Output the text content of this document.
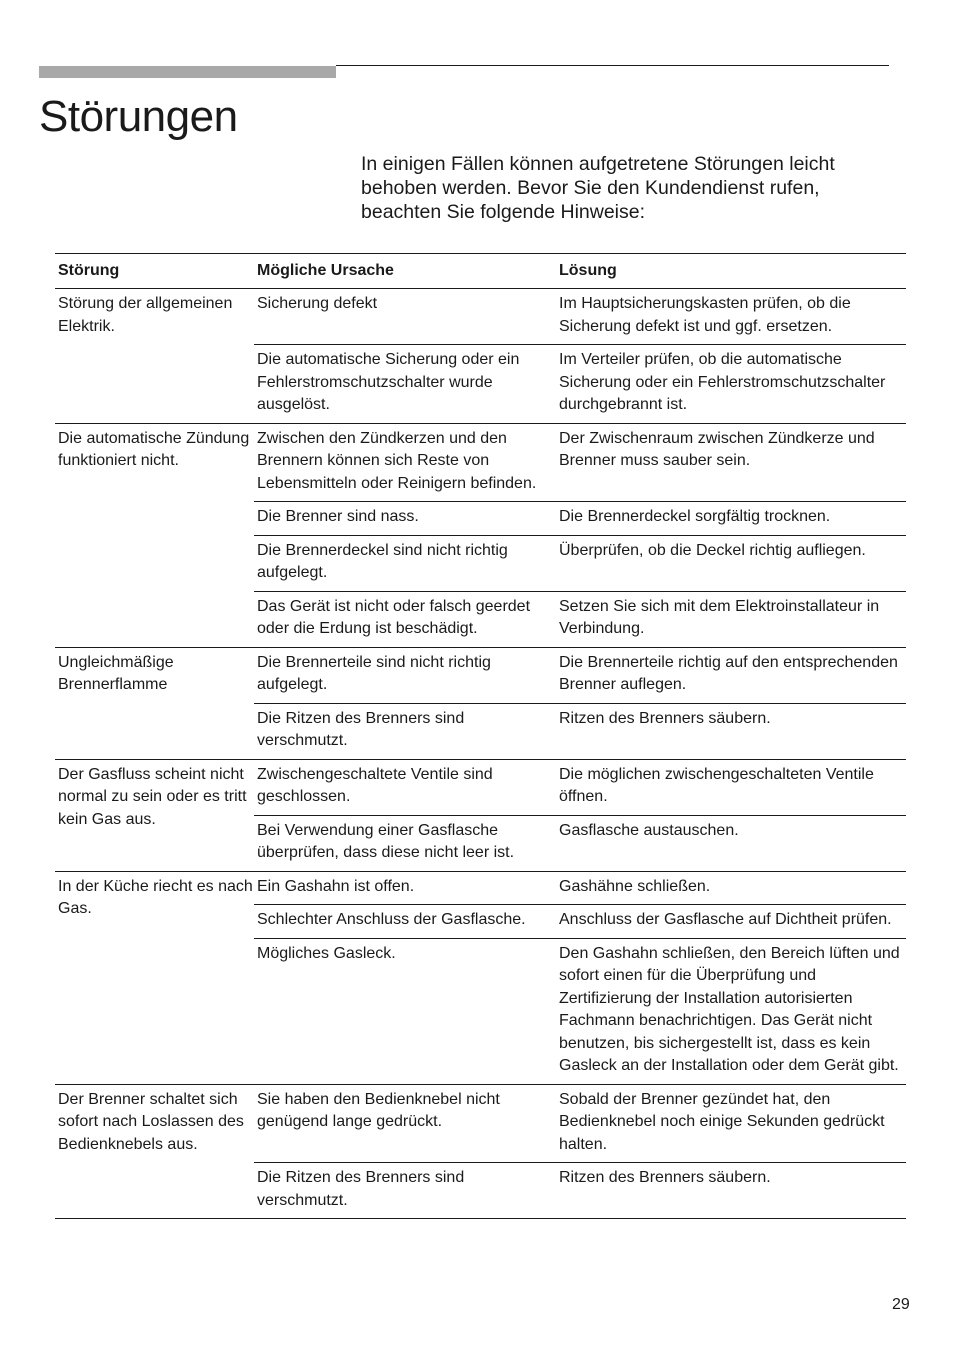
Störungen

In einigen Fällen können aufgetretene Störungen leicht behoben werden. Bevor Sie den Kundendienst rufen, beachten Sie folgende Hinweise:

Störung	Mögliche Ursache	Lösung
Störung der allgemeinen Elektrik.	Sicherung defekt	Im Hauptsicherungskasten prüfen, ob die Sicherung defekt ist und ggf. ersetzen.
	Die automatische Sicherung oder ein Fehlerstromschutzschalter wurde ausgelöst.	Im Verteiler prüfen, ob die automatische Sicherung oder ein Fehlerstromschutzschalter durchgebrannt ist.
Die automatische Zündung funktioniert nicht.	Zwischen den Zündkerzen und den Brennern können sich Reste von Lebensmitteln oder Reinigern befinden.	Der Zwischenraum zwischen Zündkerze und Brenner muss sauber sein.
	Die Brenner sind nass.	Die Brennerdeckel sorgfältig trocknen.
	Die Brennerdeckel sind nicht richtig aufgelegt.	Überprüfen, ob die Deckel richtig aufliegen.
	Das Gerät ist nicht oder falsch geerdet oder die Erdung ist beschädigt.	Setzen Sie sich mit dem Elektroinstallateur in Verbindung.
Ungleichmäßige Brennerflamme	Die Brennerteile sind nicht richtig aufgelegt.	Die Brennerteile richtig auf den entsprechenden Brenner auflegen.
	Die Ritzen des Brenners sind verschmutzt.	Ritzen des Brenners säubern.
Der Gasfluss scheint nicht normal zu sein oder es tritt kein Gas aus.	Zwischengeschaltete Ventile sind geschlossen.	Die möglichen zwischengeschalteten Ventile öffnen.
	Bei Verwendung einer Gasflasche überprüfen, dass diese nicht leer ist.	Gasflasche austauschen.
In der Küche riecht es nach Gas.	Ein Gashahn ist offen.	Gashähne schließen.
	Schlechter Anschluss der Gasflasche.	Anschluss der Gasflasche auf Dichtheit prüfen.
	Mögliches Gasleck.	Den Gashahn schließen, den Bereich lüften und sofort einen für die Überprüfung und Zertifizierung der Installation autorisierten Fachmann benachrichtigen. Das Gerät nicht benutzen, bis sichergestellt ist, dass es kein Gasleck an der Installation oder dem Gerät gibt.
Der Brenner schaltet sich sofort nach Loslassen des Bedienknebels aus.	Sie haben den Bedienknebel nicht genügend lange gedrückt.	Sobald der Brenner gezündet hat, den Bedienknebel noch einige Sekunden gedrückt halten.
	Die Ritzen des Brenners sind verschmutzt.	Ritzen des Brenners säubern.
29
